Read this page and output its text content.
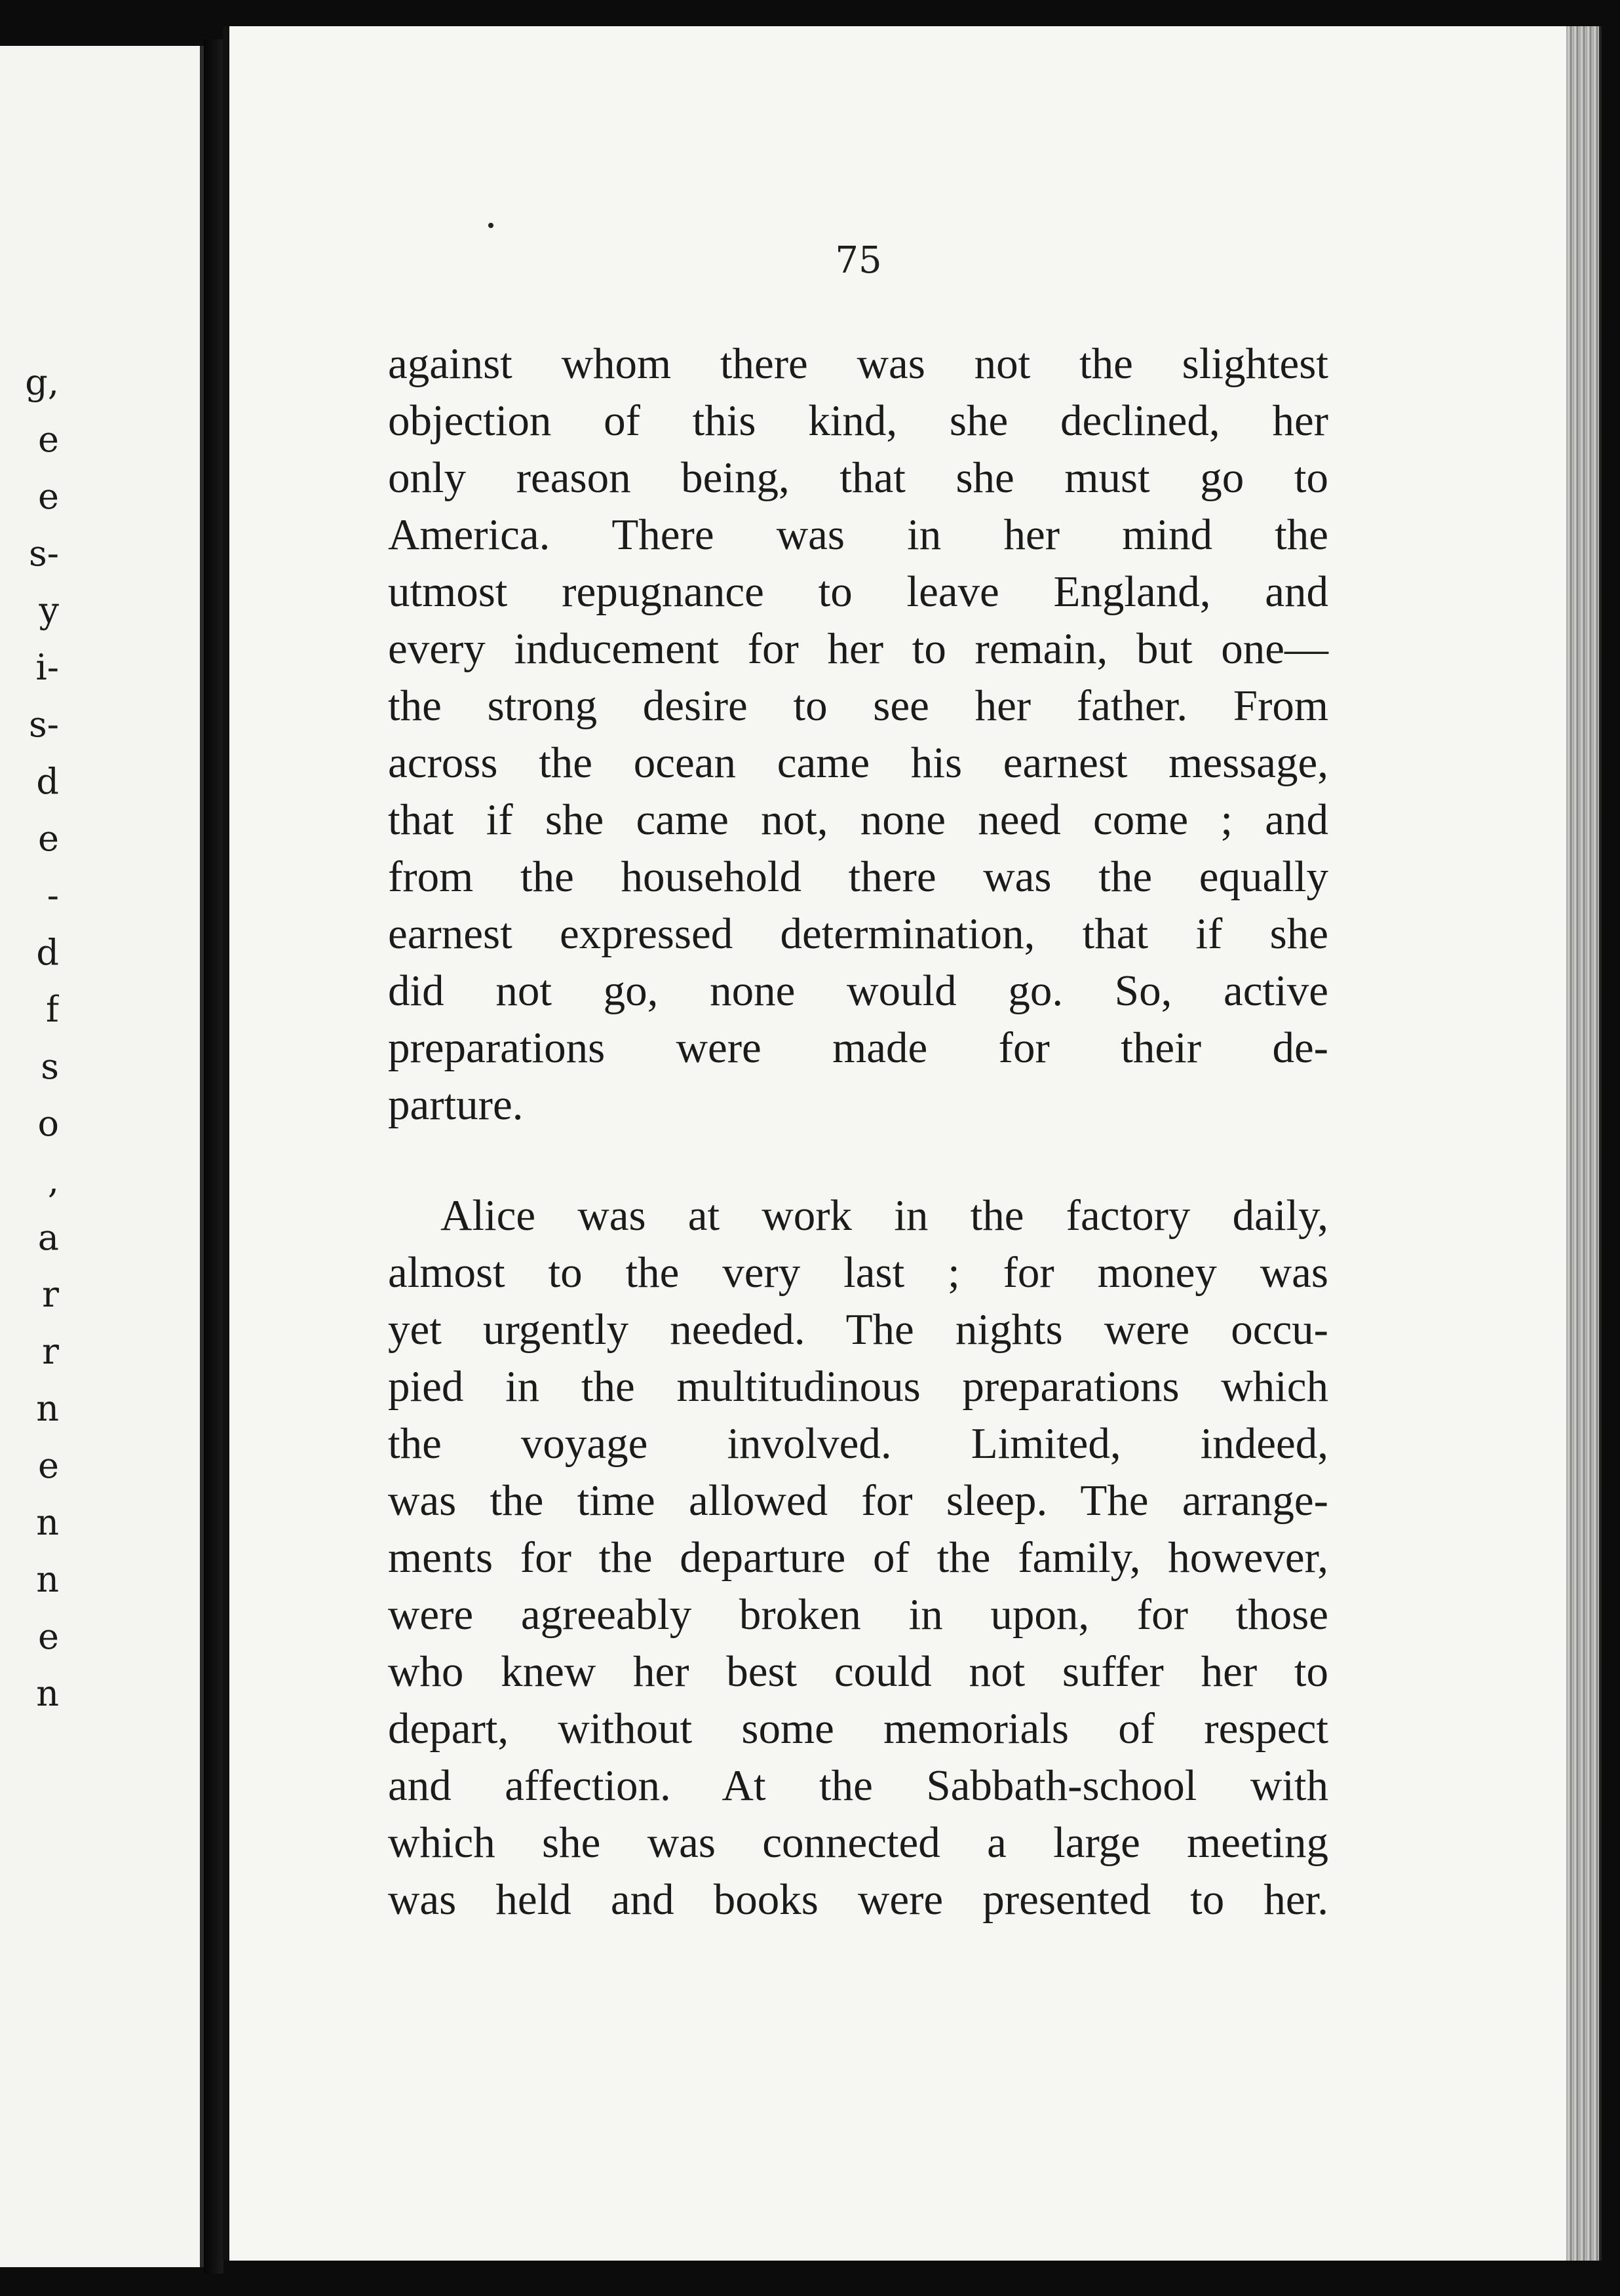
g,
e
e
s-
y
i-
s-
d
e
-
d
f
s
o
,
a
r
r
n
e
n
n
e
n
75
against whom there was not the slightest
objection of this kind, she declined, her
only reason being, that she must go to
America. There was in her mind the
utmost repugnance to leave England, and
every inducement for her to remain, but one—
the strong desire to see her father. From
across the ocean came his earnest message,
that if she came not, none need come ; and
from the household there was the equally
earnest expressed determination, that if she
did not go, none would go. So, active
preparations were made for their de-
parture.
Alice was at work in the factory daily,
almost to the very last ; for money was
yet urgently needed. The nights were occu-
pied in the multitudinous preparations which
the voyage involved. Limited, indeed,
was the time allowed for sleep. The arrange-
ments for the departure of the family, however,
were agreeably broken in upon, for those
who knew her best could not suffer her to
depart, without some memorials of respect
and affection. At the Sabbath-school with
which she was connected a large meeting
was held and books were presented to her.
